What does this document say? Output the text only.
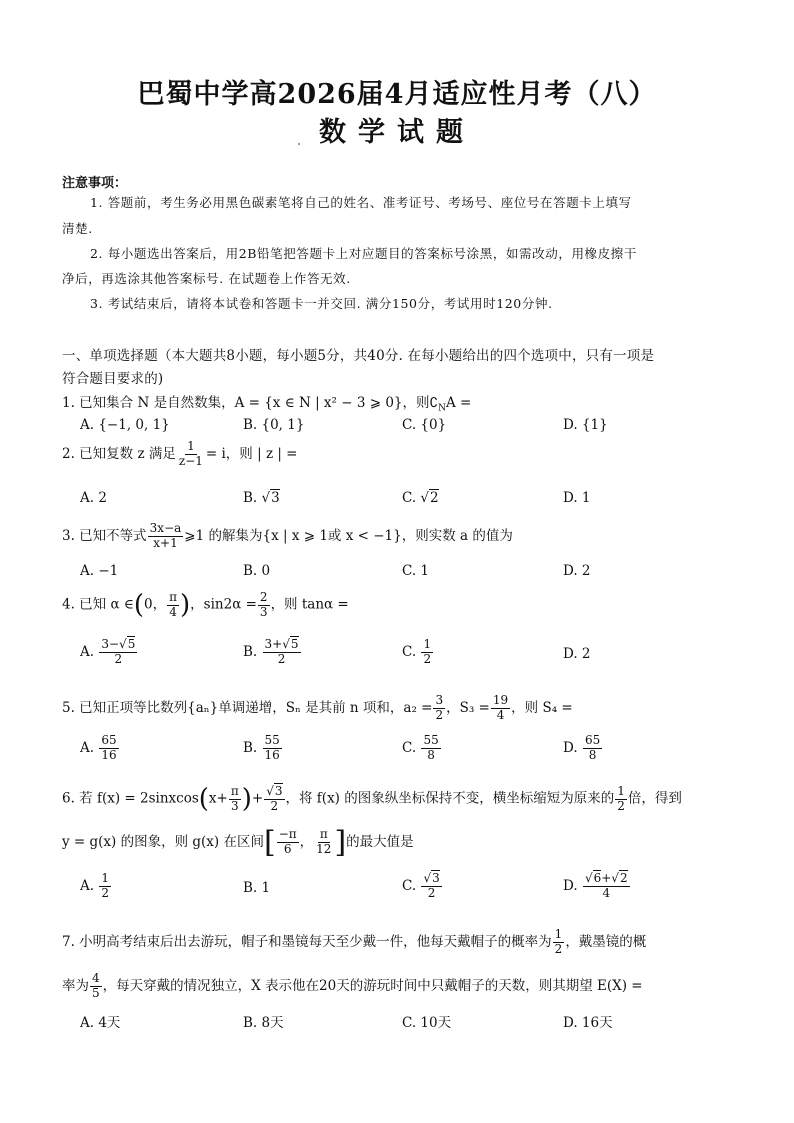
巴蜀中学高2026届4月适应性月考（八）
数学试题
注意事项：
1. 答题前，考生务必用黑色碳素笔将自己的姓名、准考证号、考场号、座位号在答题卡上填写
清楚.
2. 每小题选出答案后，用2B铅笔把答题卡上对应题目的答案标号涂黑，如需改动，用橡皮擦干
净后，再选涂其他答案标号. 在试题卷上作答无效.
3. 考试结束后，请将本试卷和答题卡一并交回. 满分150分，考试用时120分钟.
一、单项选择题（本大题共8小题，每小题5分，共40分. 在每小题给出的四个选项中，只有一项是
符合题目要求的)
1. 已知集合 N 是自然数集，A = {x ∈ N | x² − 3 ⩾ 0}，则$∁_NA$ =
A. {−1, 0, 1}	B. {0, 1}	C. {0}	D. {1}
2. 已知复数 z 满足 $\frac{1}{z-1} = i$，则 | z | =
A. 2	B. √3	C. √2	D. 1
3. 已知不等式 $\frac{3x-a}{x+1}$ ⩾1 的解集为{x | x ⩾ 1或 x < −1}，则实数 a 的值为
A. −1	B. 0	C. 1	D. 2
4. 已知 α ∈(0， $\frac{\pi}{4}$ )，$\sin 2\alpha = \frac{2}{3}$ ，则 tanα =
A. $\frac{3-√5}{2}$	B. $\frac{3+√5}{2}$	C. $\frac{1}{2}$	D. 2
5. 已知正项等比数列{aₙ}单调递增，Sₙ 是其前 n 项和，$a_2 = \frac{3}{2}$ ，$S_3 = \frac{19}{4}$ ，则 S₄ =
A. $\frac{65}{16}$	B. $\frac{55}{16}$	C. $\frac{55}{8}$	D. $\frac{65}{8}$
6. 若 f(x) = 2sinxcos(x+ $\frac{\pi}{3}$ )+ $\frac{√3}{2}$ ，将 f(x) 的图象纵坐标保持不变，横坐标缩短为原来的 $\frac{1}{2}$ 倍，得到
y = g(x) 的图象，则 g(x) 在区间[ $\frac{-\pi}{6}$ ， $\frac{\pi}{12}$ ]的最大值是
A. $\frac{1}{2}$	B. 1	C. $\frac{√3}{2}$	D. $\frac{√6+√2}{4}$
7. 小明高考结束后出去游玩，帽子和墨镜每天至少戴一件，他每天戴帽子的概率为 $\frac{1}{2}$ ，戴墨镜的概
率为 $\frac{4}{5}$ ，每天穿戴的情况独立，X 表示他在20天的游玩时间中只戴帽子的天数，则其期望 E(X) =
A. 4天	B. 8天	C. 10天	D. 16天
